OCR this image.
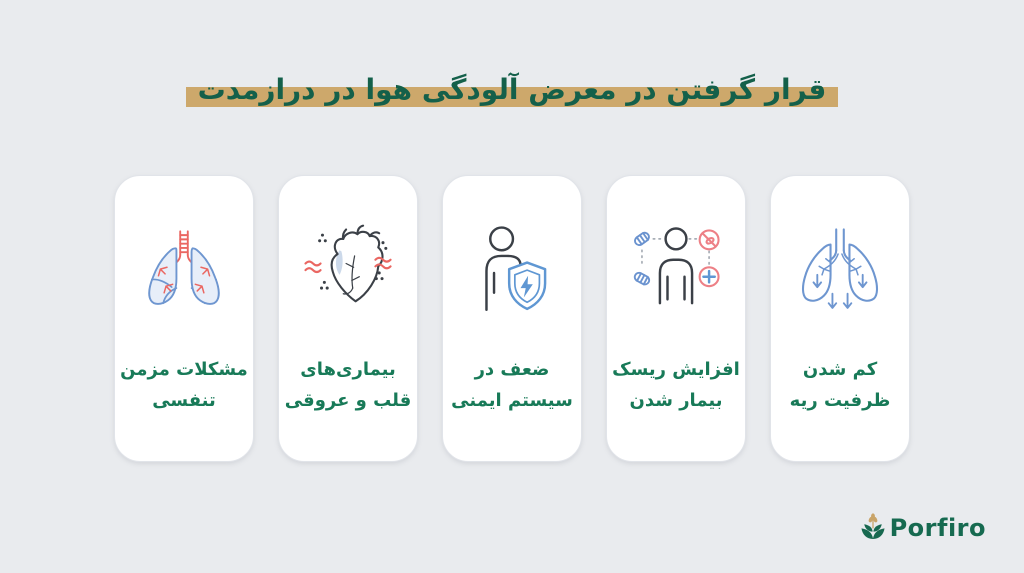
قرار گرفتن در معرض آلودگی هوا در درازمدت
مشکلات مزمن
تنفسی
بیماری‌های
قلب و عروقی
ضعف در
سیستم ایمنی
افزایش ریسک
بیمار شدن
کم شدن
ظرفیت ریه
Porfiro
